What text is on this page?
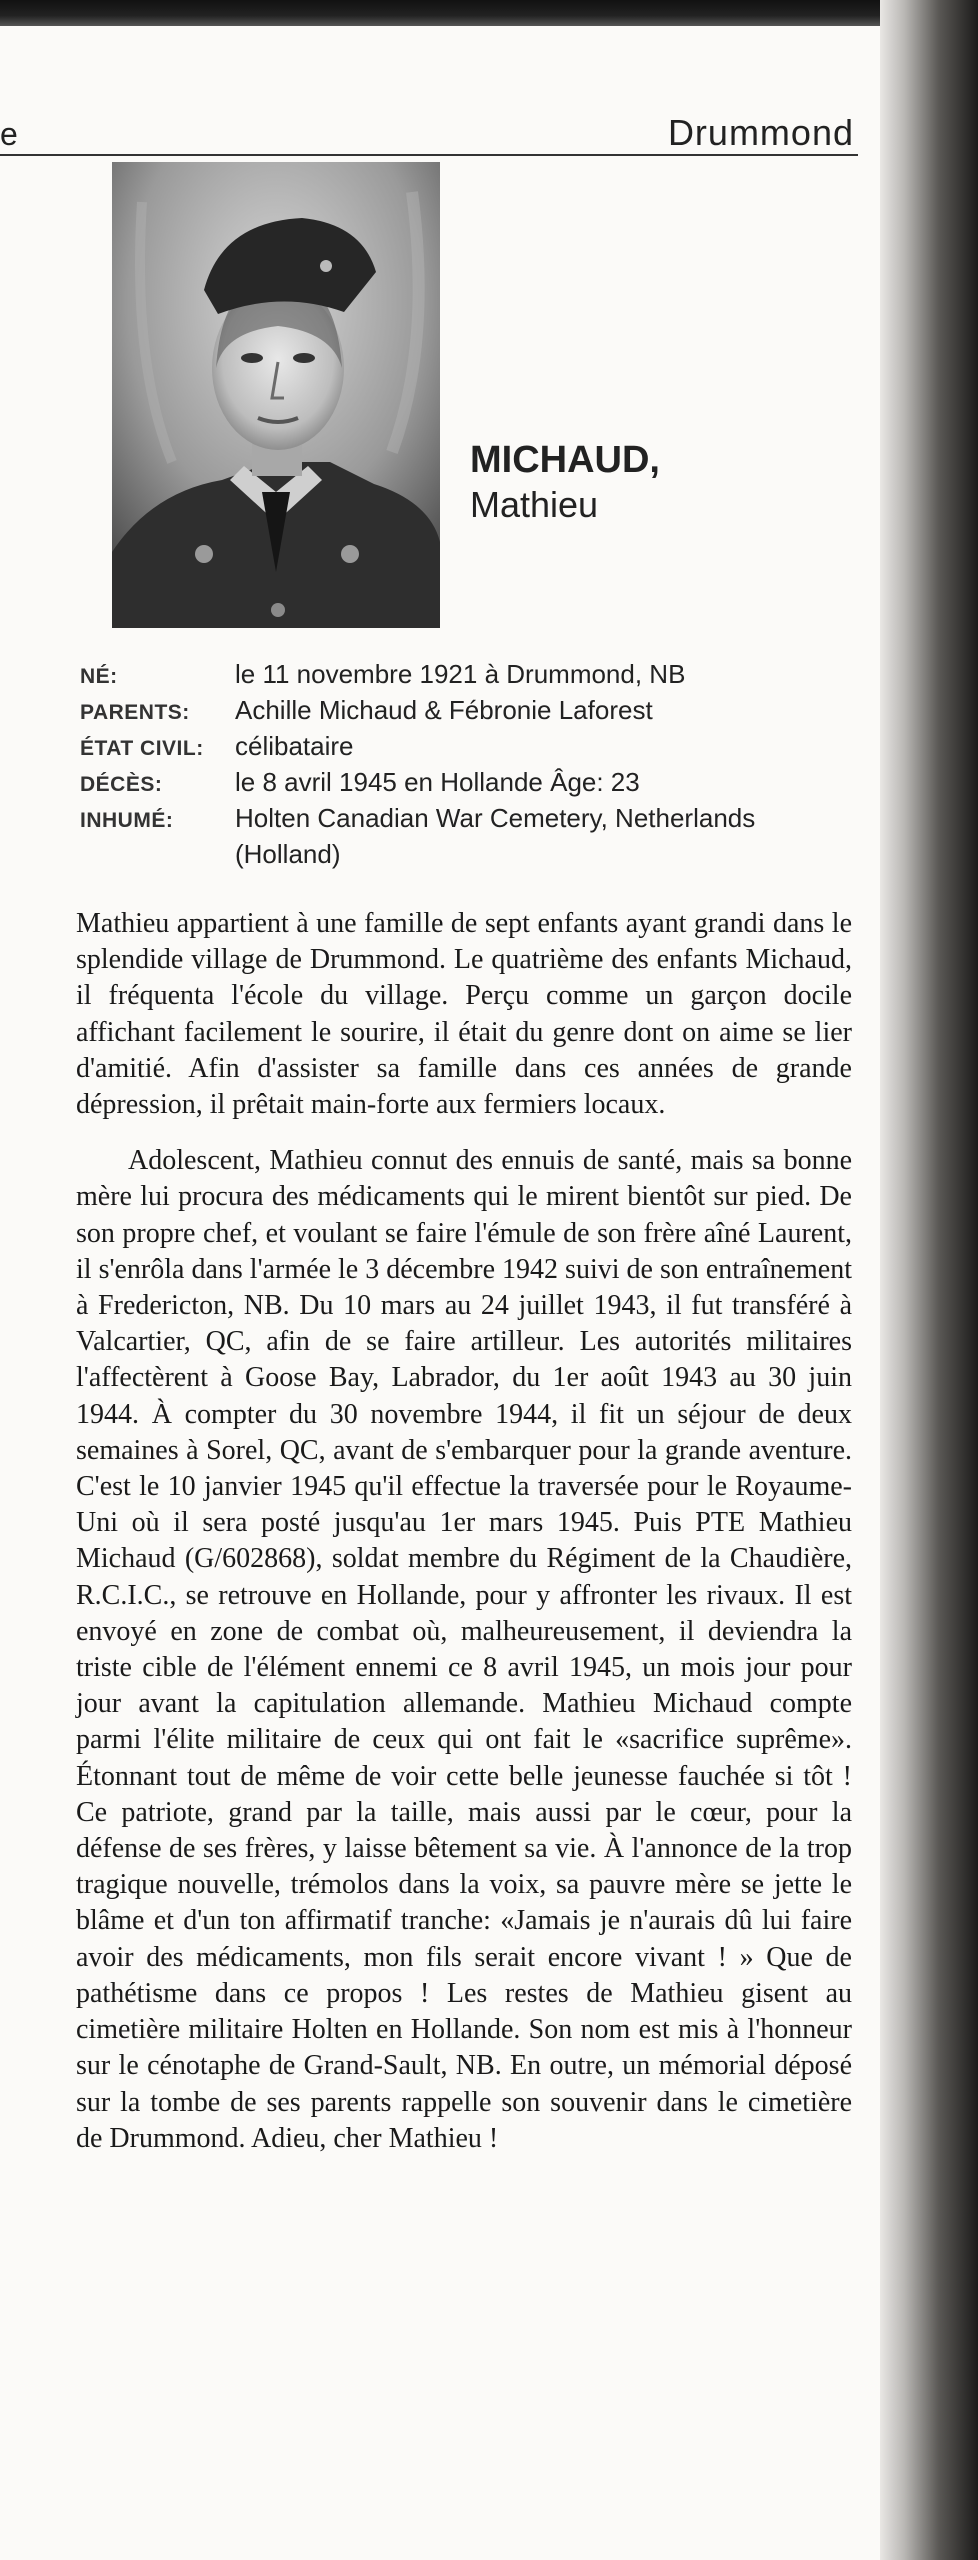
e	Drummond
MICHAUD,
Mathieu
NÉ:	le 11 novembre 1921 à Drummond, NB
PARENTS:	Achille Michaud & Fébronie Laforest
ÉTAT CIVIL:	célibataire
DÉCÈS:	le 8 avril 1945 en Hollande Âge: 23
INHUMÉ:	Holten Canadian War Cemetery, Netherlands (Holland)

Mathieu appartient à une famille de sept enfants ayant grandi dans le splendide village de Drummond. Le quatrième des enfants Michaud, il fréquenta l'école du village. Perçu comme un garçon docile affichant facilement le sourire, il était du genre dont on aime se lier d'amitié. Afin d'assister sa famille dans ces années de grande dépression, il prêtait main-forte aux fermiers locaux.

Adolescent, Mathieu connut des ennuis de santé, mais sa bonne mère lui procura des médicaments qui le mirent bientôt sur pied. De son propre chef, et voulant se faire l'émule de son frère aîné Laurent, il s'enrôla dans l'armée le 3 décembre 1942 suivi de son entraînement à Fredericton, NB. Du 10 mars au 24 juillet 1943, il fut transféré à Valcartier, QC, afin de se faire artilleur. Les autorités militaires l'affectèrent à Goose Bay, Labrador, du 1er août 1943 au 30 juin 1944. À compter du 30 novembre 1944, il fit un séjour de deux semaines à Sorel, QC, avant de s'embarquer pour la grande aventure. C'est le 10 janvier 1945 qu'il effectue la traversée pour le Royaume-Uni où il sera posté jusqu'au 1er mars 1945. Puis PTE Mathieu Michaud (G/602868), soldat membre du Régiment de la Chaudière, R.C.I.C., se retrouve en Hollande, pour y affronter les rivaux. Il est envoyé en zone de combat où, malheureusement, il deviendra la triste cible de l'élément ennemi ce 8 avril 1945, un mois jour pour jour avant la capitulation allemande. Mathieu Michaud compte parmi l'élite militaire de ceux qui ont fait le «sacrifice suprême». Étonnant tout de même de voir cette belle jeunesse fauchée si tôt ! Ce patriote, grand par la taille, mais aussi par le cœur, pour la défense de ses frères, y laisse bêtement sa vie. À l'annonce de la trop tragique nouvelle, trémolos dans la voix, sa pauvre mère se jette le blâme et d'un ton affirmatif tranche: «Jamais je n'aurais dû lui faire avoir des médicaments, mon fils serait encore vivant ! » Que de pathétisme dans ce propos ! Les restes de Mathieu gisent au cimetière militaire Holten en Hollande. Son nom est mis à l'honneur sur le cénotaphe de Grand-Sault, NB. En outre, un mémorial déposé sur la tombe de ses parents rappelle son souvenir dans le cimetière de Drummond. Adieu, cher Mathieu !
